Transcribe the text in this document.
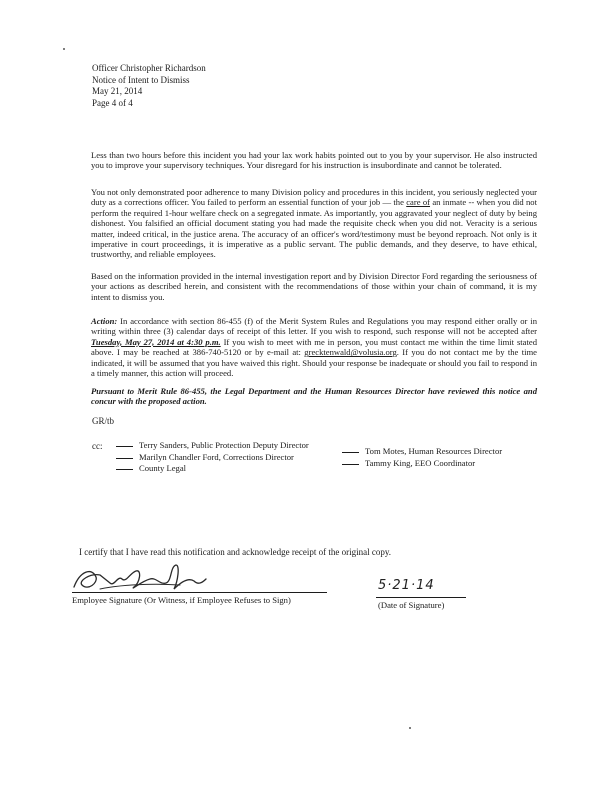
Officer Christopher Richardson
Notice of Intent to Dismiss
May 21, 2014
Page 4 of 4
Less than two hours before this incident you had your lax work habits pointed out to you by your supervisor. He also instructed you to improve your supervisory techniques. Your disregard for his instruction is insubordinate and cannot be tolerated.
You not only demonstrated poor adherence to many Division policy and procedures in this incident, you seriously neglected your duty as a corrections officer. You failed to perform an essential function of your job — the care of an inmate -- when you did not perform the required 1-hour welfare check on a segregated inmate. As importantly, you aggravated your neglect of duty by being dishonest. You falsified an official document stating you had made the requisite check when you did not. Veracity is a serious matter, indeed critical, in the justice arena. The accuracy of an officer's word/testimony must be beyond reproach. Not only is it imperative in court proceedings, it is imperative as a public servant. The public demands, and they deserve, to have ethical, trustworthy, and reliable employees.
Based on the information provided in the internal investigation report and by Division Director Ford regarding the seriousness of your actions as described herein, and consistent with the recommendations of those within your chain of command, it is my intent to dismiss you.
Action: In accordance with section 86-455 (f) of the Merit System Rules and Regulations you may respond either orally or in writing within three (3) calendar days of receipt of this letter. If you wish to respond, such response will not be accepted after Tuesday, May 27, 2014 at 4:30 p.m. If you wish to meet with me in person, you must contact me within the time limit stated above. I may be reached at 386-740-5120 or by e-mail at: grecktenwald@volusia.org. If you do not contact me by the time indicated, it will be assumed that you have waived this right. Should your response be inadequate or should you fail to respond in a timely manner, this action will proceed.
Pursuant to Merit Rule 86-455, the Legal Department and the Human Resources Director have reviewed this notice and concur with the proposed action.
GR/tb
cc:	Terry Sanders, Public Protection Deputy Director
Marilyn Chandler Ford, Corrections Director
County Legal
Tom Motes, Human Resources Director
Tammy King, EEO Coordinator
I certify that I have read this notification and acknowledge receipt of the original copy.
Employee Signature (Or Witness, if Employee Refuses to Sign)
5·21·14
(Date of Signature)
